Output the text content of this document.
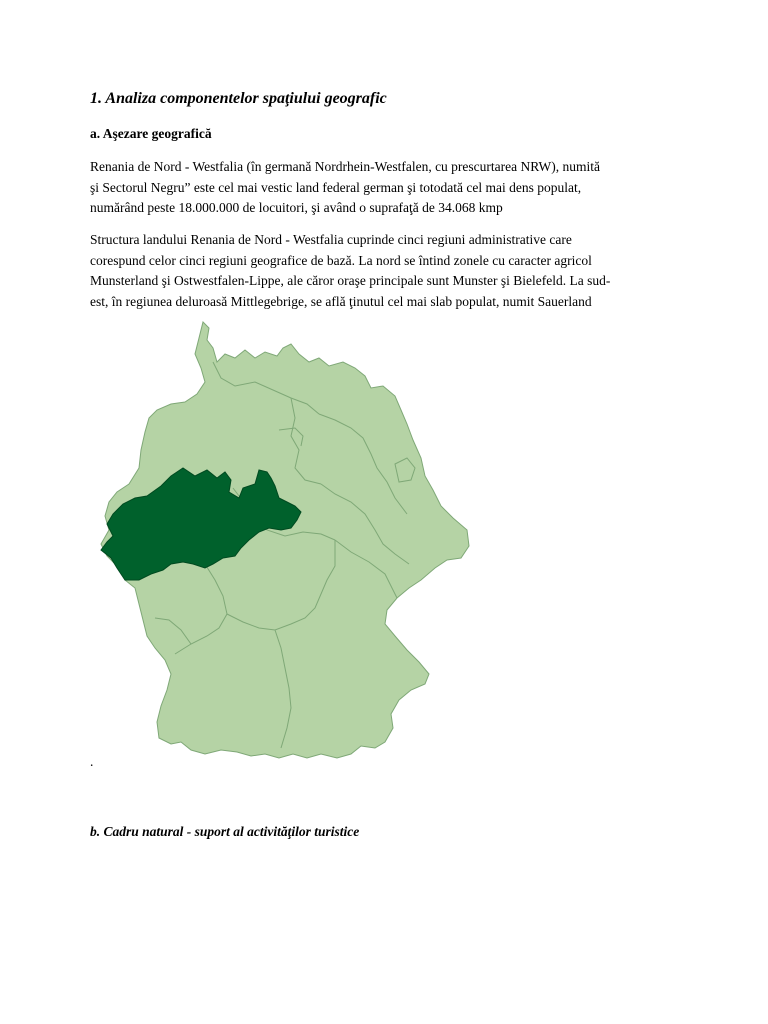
1. Analiza componentelor spaţiului geografic
a. Aşezare geografică

Renania de Nord - Westfalia (în germană Nordrhein-Westfalen, cu prescurtarea NRW), numită
şi Sectorul Negru” este cel mai vestic land federal german şi totodată cel mai dens populat,
numărând peste 18.000.000 de locuitori, şi având o suprafaţă de 34.068 kmp

Structura landului Renania de Nord - Westfalia cuprinde cinci regiuni administrative care
corespund celor cinci regiuni geografice de bază. La nord se întind zonele cu caracter agricol
Munsterland şi Ostwestfalen-Lippe, ale căror oraşe principale sunt Munster şi Bielefeld. La sud-
est, în regiunea deluroasă Mittlegebrige, se află ţinutul cel mai slab populat, numit Sauerland

.
b. Cadru natural - suport al activităţilor turistice
